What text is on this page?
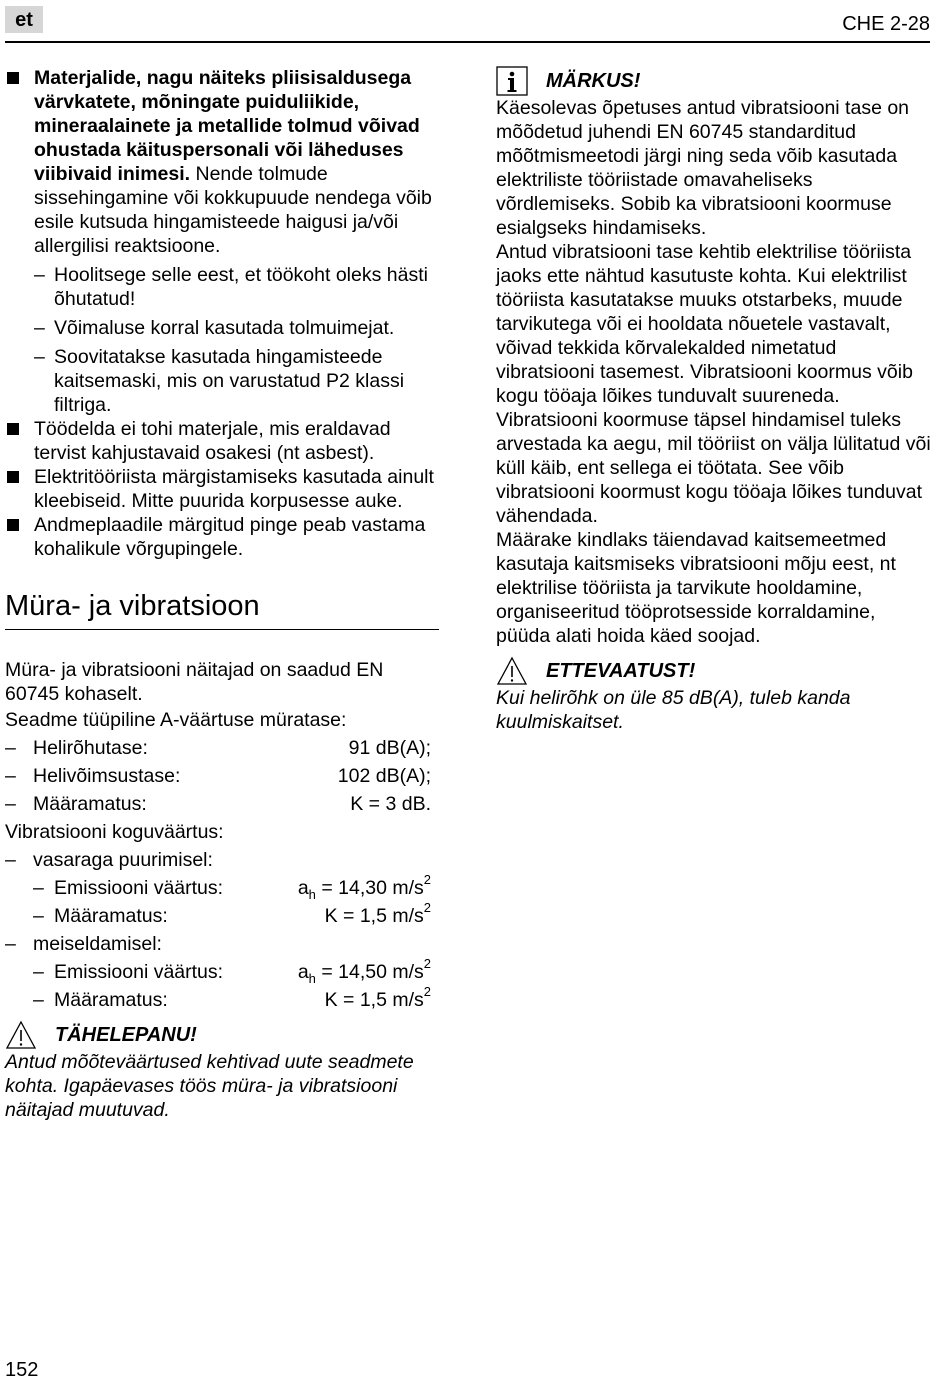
et	CHE 2-28
Materjalide, nagu näiteks pliisisaldusega värvkatete, mõningate puiduliikide, mineraalainete ja metallide tolmud võivad ohustada käituspersonali või läheduses viibivaid inimesi. Nende tolmude sissehingamine või kokkupuude nendega võib esile kutsuda hingamisteede haigusi ja/või allergilisi reaktsioone.
– Hoolitsege selle eest, et töökoht oleks hästi õhutatud!
– Võimaluse korral kasutada tolmuimejat.
– Soovitatakse kasutada hingamisteede kaitsemaski, mis on varustatud P2 klassi filtriga.
Töödelda ei tohi materjale, mis eraldavad tervist kahjustavaid osakesi (nt asbest).
Elektritööriista märgistamiseks kasutada ainult kleebiseid. Mitte puurida korpusesse auke.
Andmeplaadile märgitud pinge peab vastama kohalikule võrgupingele.
Müra- ja vibratsioon

Müra- ja vibratsiooni näitajad on saadud EN 60745 kohaselt.

Seadme tüüpiline A-väärtuse müratase:
– Helirõhutase:	91 dB(A);
– Helivõimsustase:	102 dB(A);
– Määramatus:	K = 3 dB.
Vibratsiooni koguväärtus:
– vasaraga puurimisel:
– Emissiooni väärtus:	$a_h = 14,30$ $m/s^2$
– Määramatus:	K = 1,5 $m/s^2$
– meiseldamisel:
– Emissiooni väärtus:	$a_h = 14,50$ $m/s^2$
– Määramatus:	K = 1,5 $m/s^2$
TÄHELEPANU!
Antud mõõteväärtused kehtivad uute seadmete kohta. Igapäevases töös müra- ja vibratsiooni näitajad muutuvad.
MÄRKUS!
Käesolevas õpetuses antud vibratsiooni tase on mõõdetud juhendi EN 60745 standarditud mõõtmismeetodi järgi ning seda võib kasutada elektriliste tööriistade omavaheliseks võrdlemiseks. Sobib ka vibratsiooni koormuse esialgseks hindamiseks.
Antud vibratsiooni tase kehtib elektrilise tööriista jaoks ette nähtud kasutuste kohta. Kui elektrilist tööriista kasutatakse muuks otstarbeks, muude tarvikutega või ei hooldata nõuetele vastavalt, võivad tekkida kõrvalekalded nimetatud vibratsiooni tasemest. Vibratsiooni koormus võib kogu tööaja lõikes tunduvalt suureneda.
Vibratsiooni koormuse täpsel hindamisel tuleks arvestada ka aegu, mil tööriist on välja lülitatud või küll käib, ent sellega ei töötata. See võib vibratsiooni koormust kogu tööaja lõikes tunduvat vähendada.
Määrake kindlaks täiendavad kaitsemeetmed kasutaja kaitsmiseks vibratsiooni mõju eest, nt elektrilise tööriista ja tarvikute hooldamine, organiseeritud tööprotsesside korraldamine, püüda alati hoida käed soojad.
ETTEVAATUST!
Kui helirõhk on üle 85 dB(A), tuleb kanda kuulmiskaitset.
152
